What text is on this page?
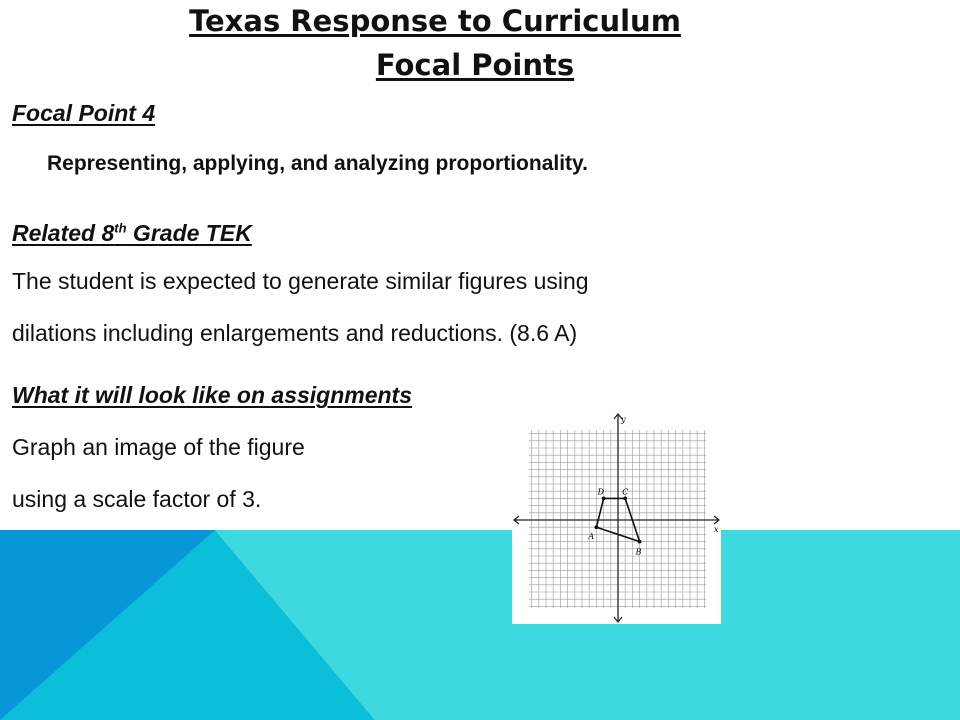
Texas Response to Curriculum
Focal Points
Focal Point 4
Representing, applying, and analyzing proportionality.
Related 8th Grade TEK
The student is expected to generate similar figures using
dilations including enlargements and reductions. (8.6 A)
What it will look like on assignments
Graph an image of the figure
using a scale factor of 3.
x
y
A
B
C
D
